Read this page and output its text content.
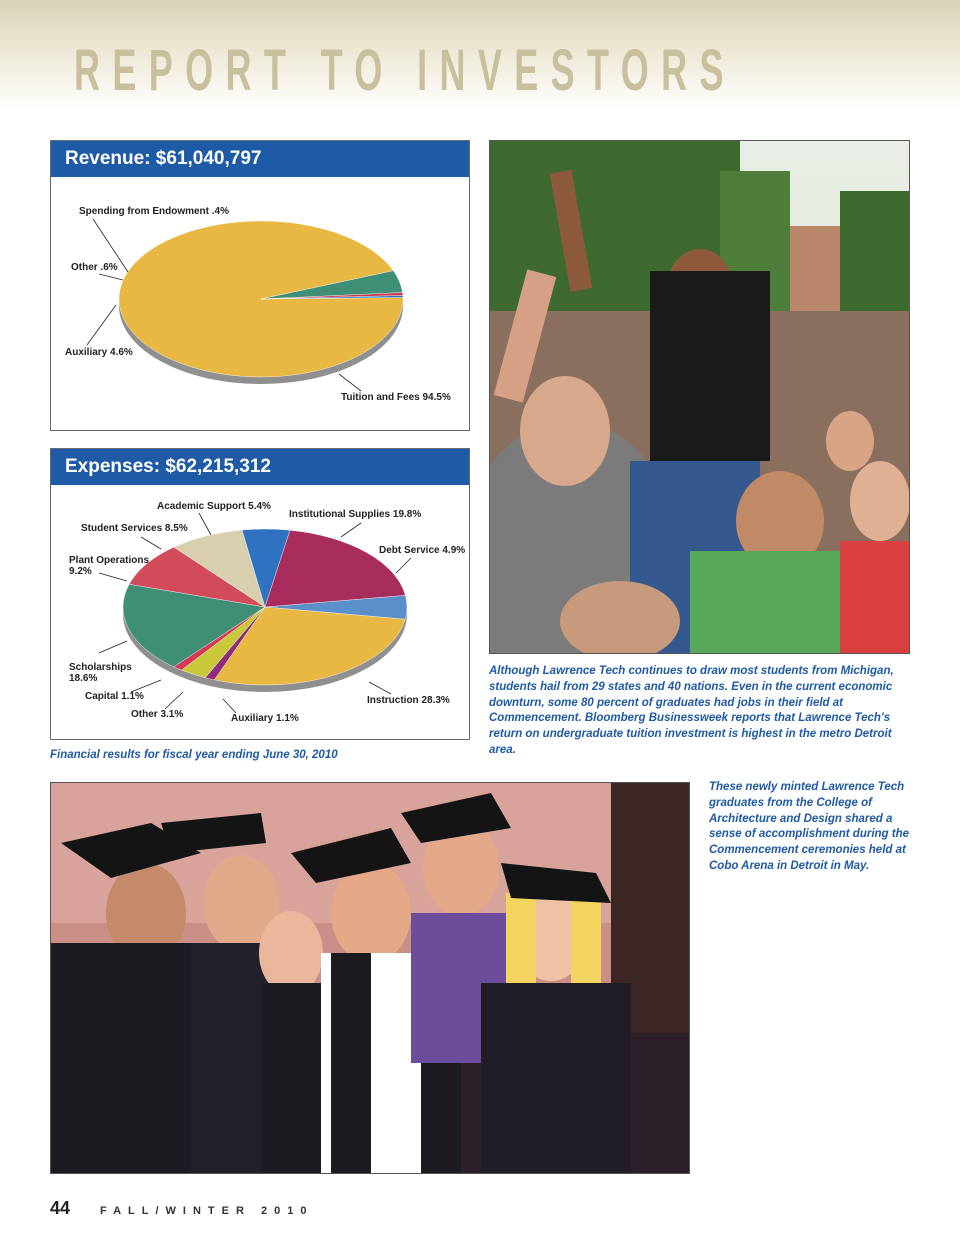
REPORT TO INVESTORS
Revenue: $61,040,797
Tuition and Fees 94.5%
Auxiliary 4.6%
Other .6%
Spending from Endowment .4%
Expenses: $62,215,312
Debt Service 4.9%
Instruction 28.3%
Auxiliary 1.1%
Other 3.1%
Capital 1.1%
Scholarships 18.6%
Plant Operations 9.2%
Student Services 8.5%
Academic Support 5.4%
Institutional Supplies 19.8%
Financial results for fiscal year ending June 30, 2010
Although Lawrence Tech continues to draw most students from Michigan, students hail from 29 states and 40 nations. Even in the current economic downturn, some 80 percent of graduates had jobs in their field at Commencement. Bloomberg Businessweek reports that Lawrence Tech's return on undergraduate tuition investment is highest in the metro Detroit area.
These newly minted Lawrence Tech graduates from the College of Architecture and Design shared a sense of accomplishment during the Commencement ceremonies held at Cobo Arena in Detroit in May.
44	FALL/WINTER 2010
